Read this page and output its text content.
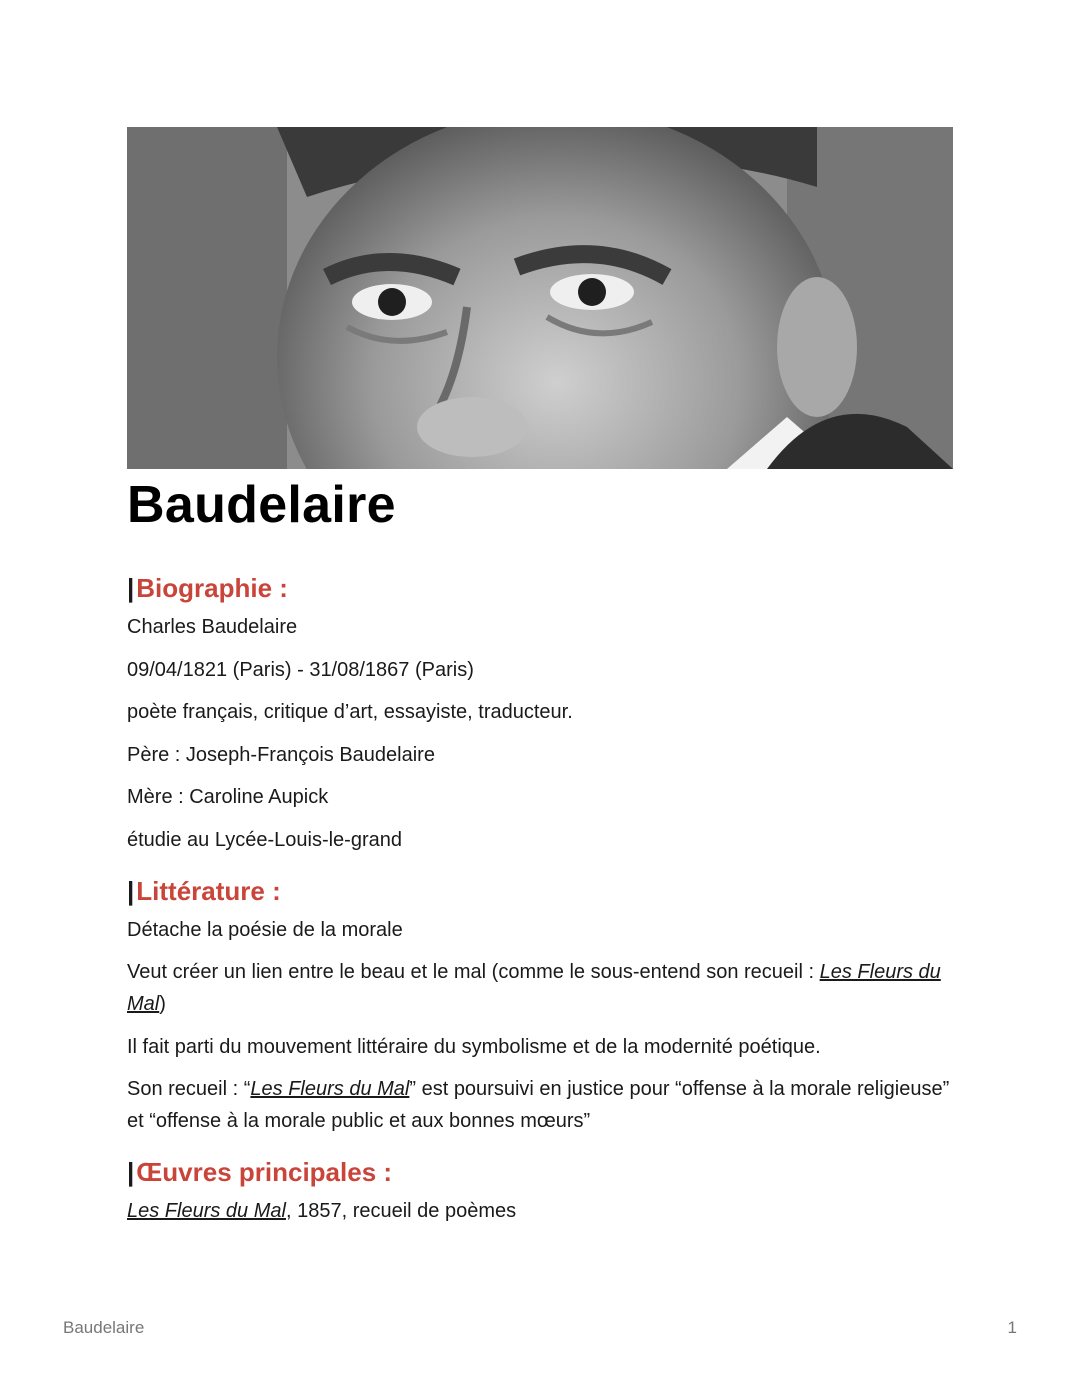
Baudelaire
|Biographie :

Charles Baudelaire

09/04/1821 (Paris) - 31/08/1867 (Paris)

poète français, critique d’art, essayiste, traducteur.

Père : Joseph-François Baudelaire

Mère : Caroline Aupick

étudie au Lycée-Louis-le-grand

|Littérature :

Détache la poésie de la morale

Veut créer un lien entre le beau et le mal (comme le sous-entend son recueil : Les Fleurs du Mal)

Il fait parti du mouvement littéraire du symbolisme et de la modernité poétique.

Son recueil : “Les Fleurs du Mal” est poursuivi en justice pour “offense à la morale religieuse” et “offense à la morale public et aux bonnes mœurs”

|Œuvres principales :

Les Fleurs du Mal, 1857, recueil de poèmes

Baudelaire	1
